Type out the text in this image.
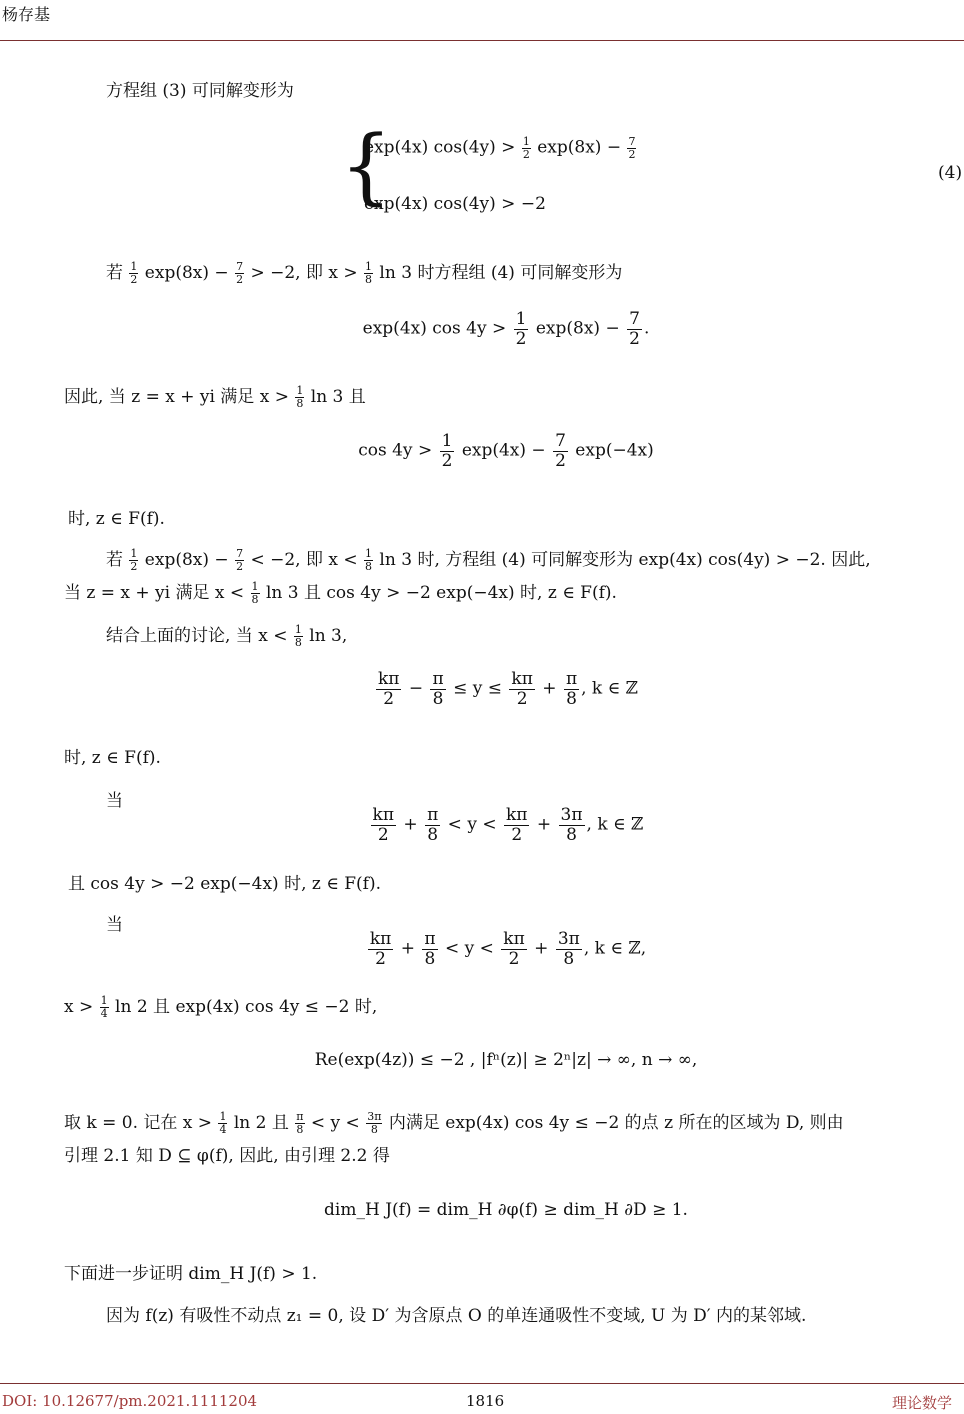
杨存基
方程组 (3) 可同解变形为
{
exp(4x) $\cos(4y) > \frac{1}{2} \exp(8x) - \frac{7}{2}$
exp(4x) cos(4y) > −2
(4)
若 $\frac{1}{2} \exp(8x) - \frac{7}{2} > -2$, 即 $x > \frac{1}{8}$ ln 3 时方程组 (4) 可同解变形为
exp(4x) $\cos 4y > \frac{1}{2} \exp(8x) - \frac{7}{2}$ .
因此, 当 z = x + yi 满足 $x > \frac{1}{8}$ ln 3 且
$\cos 4y > \frac{1}{2} \exp(4x) - \frac{7}{2} \exp(-4x)$
时, z ∈ F(f).
若 $\frac{1}{2} \exp(8x) - \frac{7}{2} < -2$, 即 $x < \frac{1}{8}$ ln 3 时, 方程组 (4) 可同解变形为 exp(4x) cos(4y) > −2. 因此,
当 z = x + yi 满足 $x < \frac{1}{8}$ ln 3 且 cos 4y > −2 exp(−4x) 时, z ∈ F(f).
结合上面的讨论, 当 $x < \frac{1}{8}$ ln 3,
$\frac{k\pi}{2} - \frac{\pi}{8} \le y \le \frac{k\pi}{2} + \frac{\pi}{8}$ , k ∈ ℤ
时, z ∈ F(f).
当
$\frac{k\pi}{2} + \frac{\pi}{8} < y < \frac{k\pi}{2} + \frac{3\pi}{8}$ , k ∈ ℤ
且 cos 4y > −2 exp(−4x) 时, z ∈ F(f).
当
$\frac{k\pi}{2} + \frac{\pi}{8} < y < \frac{k\pi}{2} + \frac{3\pi}{8}$ , k ∈ ℤ,
$x > \frac{1}{4}$ ln 2 且 exp(4x) cos 4y ≤ −2 时,
Re(exp(4z)) ≤ −2 , |fⁿ(z)| ≥ 2ⁿ|z| → ∞, n → ∞,
取 k = 0. 记在 $x > \frac{1}{4}$ ln 2 且 $\frac{\pi}{8} < y < \frac{3\pi}{8}$ 内满足 exp(4x) cos 4y ≤ −2 的点 z 所在的区域为 D, 则由
引理 2.1 知 D ⊆ φ(f), 因此, 由引理 2.2 得
dim_H J(f) = dim_H ∂φ(f) ≥ dim_H ∂D ≥ 1.
下面进一步证明 dim_H J(f) > 1.
因为 f(z) 有吸性不动点 z₁ = 0, 设 D′ 为含原点 O 的单连通吸性不变域, U 为 D′ 内的某邻域.
DOI: 10.12677/pm.2021.1111204	1816	理论数学
